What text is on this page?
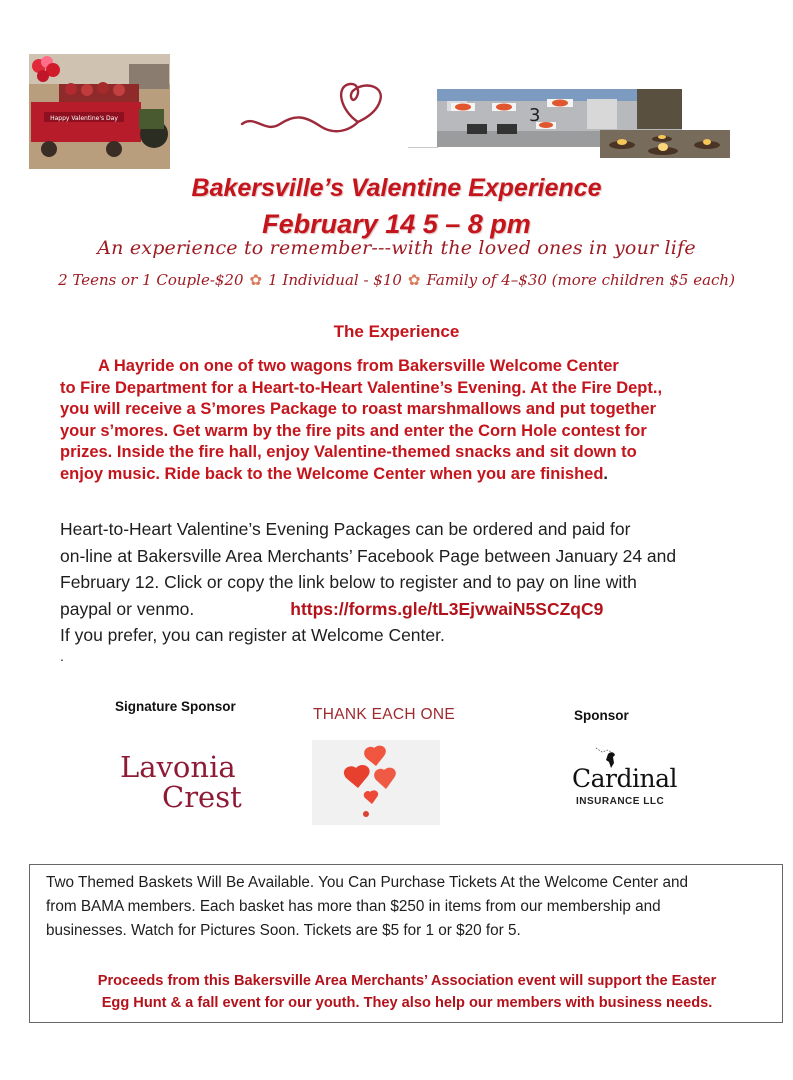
Happy Valentine's Day	3
Bakersville’s Valentine Experience
February 14 5 – 8 pm
An experience to remember---with the loved ones in your life
2 Teens or 1 Couple-$20 ✿ 1 Individual - $10 ✿ Family of 4–$30 (more children $5 each)
The Experience

A Hayride on one of two wagons from Bakersville Welcome Center

to Fire Department for a Heart-to-Heart Valentine’s Evening. At the Fire Dept.,

you will receive a S’mores Package to roast marshmallows and put together

your s’mores. Get warm by the fire pits and enter the Corn Hole contest for

prizes. Inside the fire hall, enjoy Valentine-themed snacks and sit down to

enjoy music. Ride back to the Welcome Center when you are finished.

Heart-to-Heart Valentine’s Evening Packages can be ordered and paid for

on-line at Bakersville Area Merchants’ Facebook Page between January 24 and

February 12. Click or copy the link below to register and to pay on line with

paypal or venmo.	https://forms.gle/tL3EjvwaiN5SCZqC9

If you prefer, you can register at Welcome Center.

.
Signature Sponsor	THANK EACH ONE	Sponsor
Lavonia
Crest
Cardinal
INSURANCE LLC

Two Themed Baskets Will Be Available. You Can Purchase Tickets At the Welcome Center and

from BAMA members. Each basket has more than $250 in items from our membership and

businesses. Watch for Pictures Soon. Tickets are $5 for 1 or $20 for 5.

Proceeds from this Bakersville Area Merchants’ Association event will support the Easter

Egg Hunt & a fall event for our youth. They also help our members with business needs.
